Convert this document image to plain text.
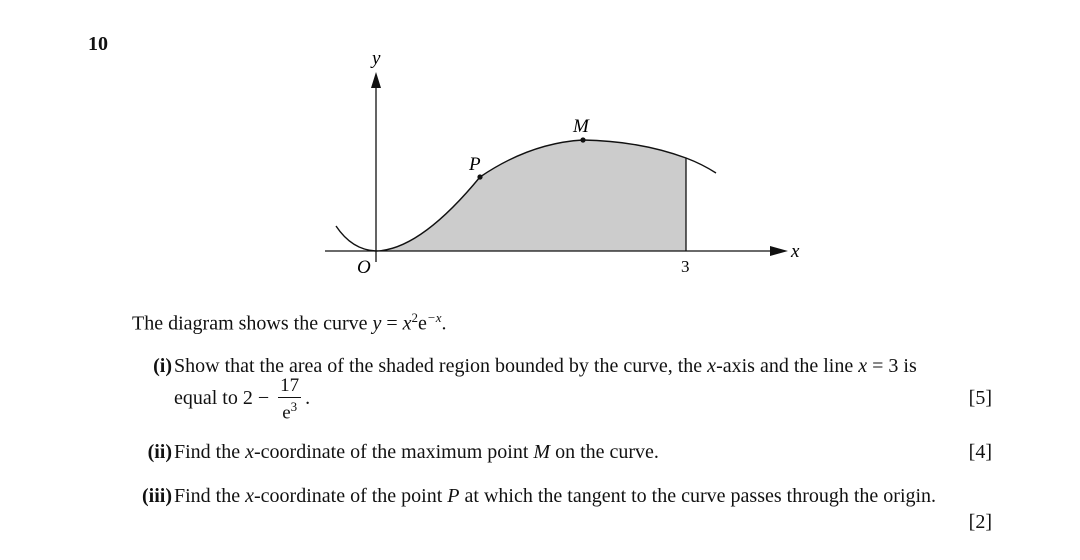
10
y
x
O	3
M
P
The diagram shows the curve $y = x^2e^{-x}$.
(i) Show that the area of the shaded region bounded by the curve, the x-axis and the line x = 3 is
equal to $2 - \frac{17}{e^3}$ .	[5]
(ii) Find the x-coordinate of the maximum point M on the curve.	[4]
(iii) Find the x-coordinate of the point P at which the tangent to the curve passes through the origin.
[2]
